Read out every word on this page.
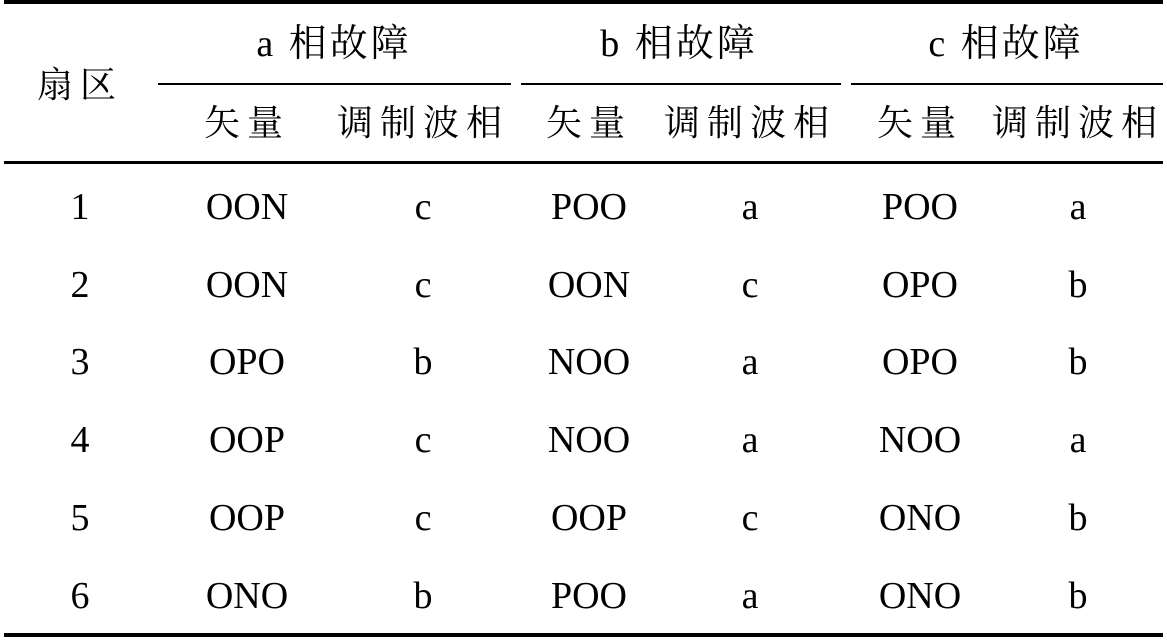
扇区
a 相故障	b 相故障	c 相故障
矢量 调制波相 矢量 调制波相 矢量 调制波相
1	OON	c	POO	a	POO	a
2	OON	c	OON	c	OPO	b
3	OPO	b	NOO	a	OPO	b
4	OOP	c	NOO	a	NOO	a
5	OOP	c	OOP	c	ONO	b
6	ONO	b	POO	a	ONO	b
